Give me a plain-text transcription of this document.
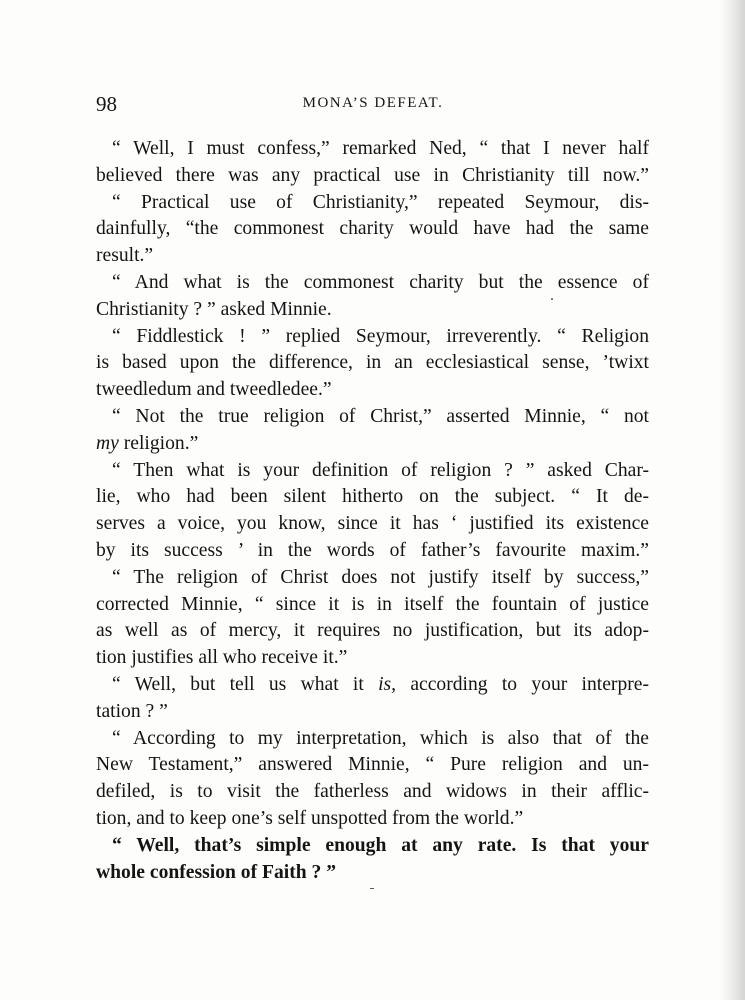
98	MONA’S DEFEAT.
“ Well, I must confess,” remarked Ned, “ that I never half
believed there was any practical use in Christianity till now.”
“ Practical use of Christianity,” repeated Seymour, dis-
dainfully, “the commonest charity would have had the same
result.”
“ And what is the commonest charity but the essence of
Christianity ? ” asked Minnie.
“ Fiddlestick ! ” replied Seymour, irreverently. “ Religion
is based upon the difference, in an ecclesiastical sense, ’twixt
tweedledum and tweedledee.”
“ Not the true religion of Christ,” asserted Minnie, “ not
my religion.”
“ Then what is your definition of religion ? ” asked Char-
lie, who had been silent hitherto on the subject. “ It de-
serves a voice, you know, since it has ‘ justified its existence
by its success ’ in the words of father’s favourite maxim.”
“ The religion of Christ does not justify itself by success,”
corrected Minnie, “ since it is in itself the fountain of justice
as well as of mercy, it requires no justification, but its adop-
tion justifies all who receive it.”
“ Well, but tell us what it is, according to your interpre-
tation ? ”
“ According to my interpretation, which is also that of the
New Testament,” answered Minnie, “ Pure religion and un-
defiled, is to visit the fatherless and widows in their afflic-
tion, and to keep one’s self unspotted from the world.”
“ Well, that’s simple enough at any rate. Is that your
whole confession of Faith ? ”
